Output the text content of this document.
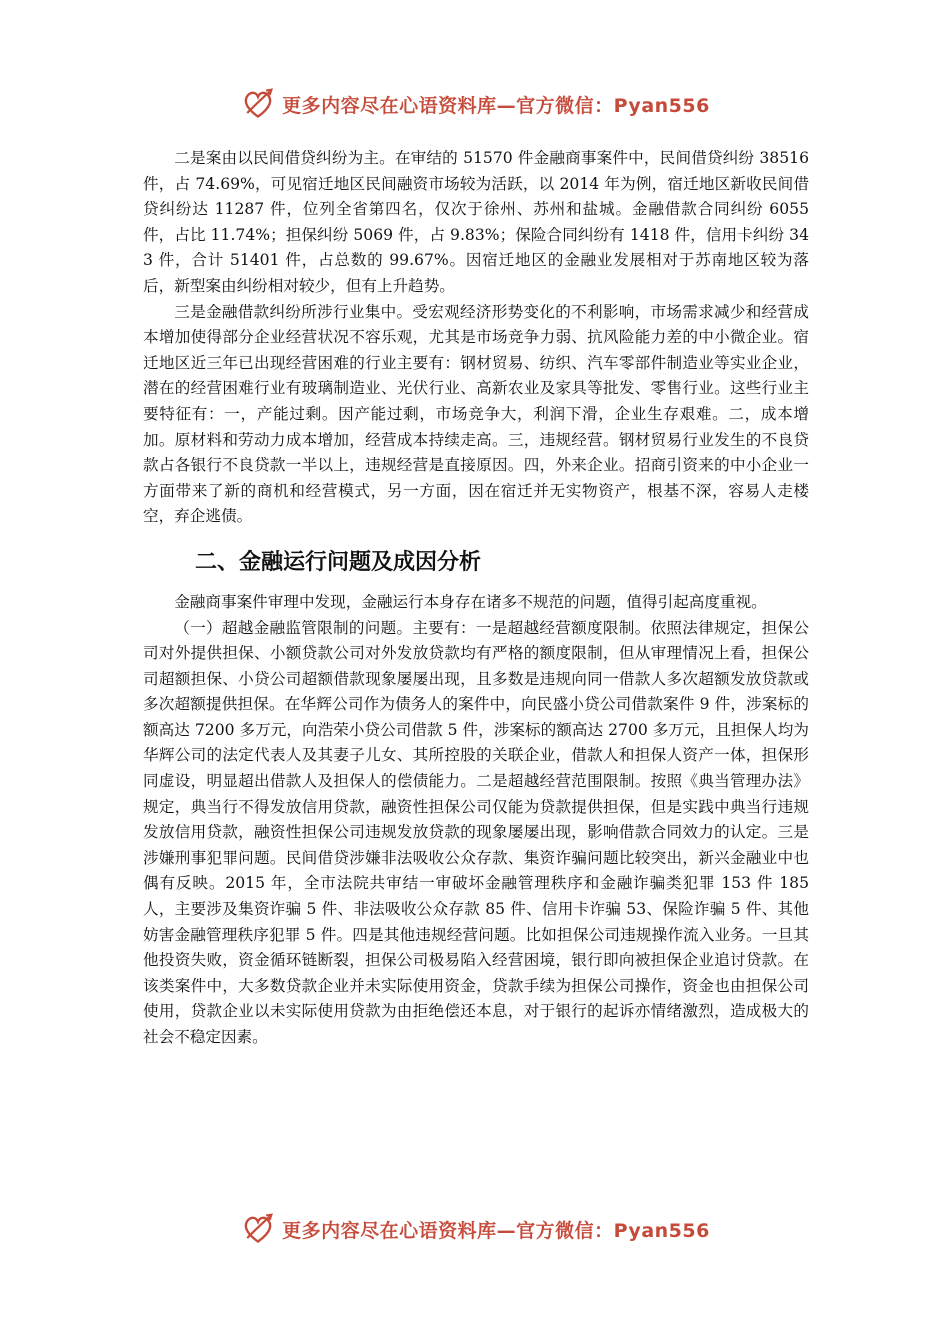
更多内容尽在心语资料库—官方微信：Pyan556

二是案由以民间借贷纠纷为主。在审结的 51570 件金融商事案件中，民间借贷纠纷 38516 件，占 74.69%，可见宿迁地区民间融资市场较为活跃，以 2014 年为例，宿迁地区新收民间借贷纠纷达 11287 件，位列全省第四名，仅次于徐州、苏州和盐城。金融借款合同纠纷 6055 件，占比 11.74%；担保纠纷 5069 件，占 9.83%；保险合同纠纷有 1418 件，信用卡纠纷 343 件，合计 51401 件，占总数的 99.67%。因宿迁地区的金融业发展相对于苏南地区较为落后，新型案由纠纷相对较少，但有上升趋势。

三是金融借款纠纷所涉行业集中。受宏观经济形势变化的不利影响，市场需求减少和经营成本增加使得部分企业经营状况不容乐观，尤其是市场竞争力弱、抗风险能力差的中小微企业。宿迁地区近三年已出现经营困难的行业主要有：钢材贸易、纺织、汽车零部件制造业等实业企业，潜在的经营困难行业有玻璃制造业、光伏行业、高新农业及家具等批发、零售行业。这些行业主要特征有：一，产能过剩。因产能过剩，市场竞争大，利润下滑，企业生存艰难。二，成本增加。原材料和劳动力成本增加，经营成本持续走高。三，违规经营。钢材贸易行业发生的不良贷款占各银行不良贷款一半以上，违规经营是直接原因。四，外来企业。招商引资来的中小企业一方面带来了新的商机和经营模式，另一方面，因在宿迁并无实物资产，根基不深，容易人走楼空，弃企逃债。

二、金融运行问题及成因分析

金融商事案件审理中发现，金融运行本身存在诸多不规范的问题，值得引起高度重视。

（一）超越金融监管限制的问题。主要有：一是超越经营额度限制。依照法律规定，担保公司对外提供担保、小额贷款公司对外发放贷款均有严格的额度限制，但从审理情况上看，担保公司超额担保、小贷公司超额借款现象屡屡出现，且多数是违规向同一借款人多次超额发放贷款或多次超额提供担保。在华辉公司作为债务人的案件中，向民盛小贷公司借款案件 9 件，涉案标的额高达 7200 多万元，向浩荣小贷公司借款 5 件，涉案标的额高达 2700 多万元，且担保人均为华辉公司的法定代表人及其妻子儿女、其所控股的关联企业，借款人和担保人资产一体，担保形同虚设，明显超出借款人及担保人的偿债能力。二是超越经营范围限制。按照《典当管理办法》规定，典当行不得发放信用贷款，融资性担保公司仅能为贷款提供担保，但是实践中典当行违规发放信用贷款，融资性担保公司违规发放贷款的现象屡屡出现，影响借款合同效力的认定。三是涉嫌刑事犯罪问题。民间借贷涉嫌非法吸收公众存款、集资诈骗问题比较突出，新兴金融业中也偶有反映。2015 年，全市法院共审结一审破坏金融管理秩序和金融诈骗类犯罪 153 件 185 人，主要涉及集资诈骗 5 件、非法吸收公众存款 85 件、信用卡诈骗 53、保险诈骗 5 件、其他妨害金融管理秩序犯罪 5 件。四是其他违规经营问题。比如担保公司违规操作流入业务。一旦其他投资失败，资金循环链断裂，担保公司极易陷入经营困境，银行即向被担保企业追讨贷款。在该类案件中，大多数贷款企业并未实际使用资金，贷款手续为担保公司操作，资金也由担保公司使用，贷款企业以未实际使用贷款为由拒绝偿还本息，对于银行的起诉亦情绪激烈，造成极大的社会不稳定因素。

更多内容尽在心语资料库—官方微信：Pyan556
